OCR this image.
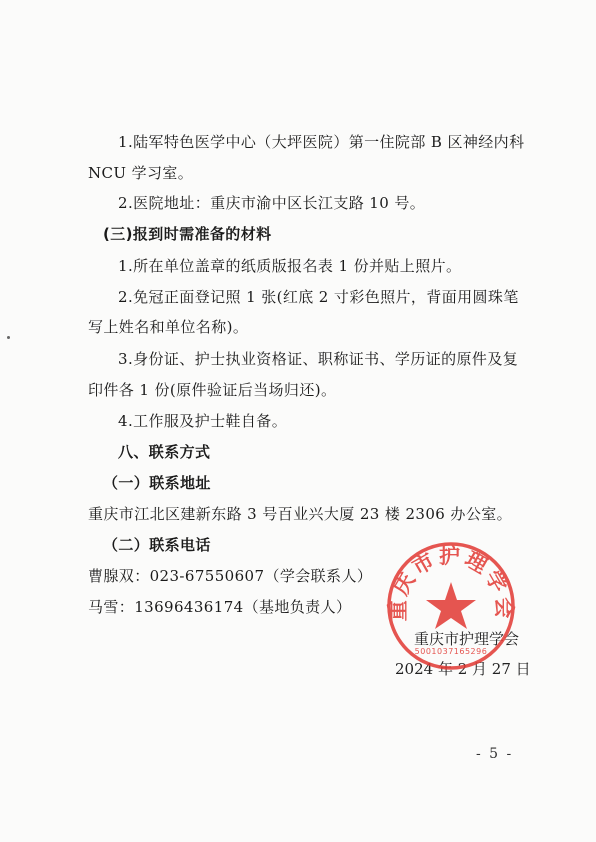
1.陆军特色医学中心（大坪医院）第一住院部 B 区神经内科
NCU 学习室。
2.医院地址：重庆市渝中区长江支路 10 号。
(三)报到时需准备的材料
1.所在单位盖章的纸质版报名表 1 份并贴上照片。
2.免冠正面登记照 1 张(红底 2 寸彩色照片，背面用圆珠笔
写上姓名和单位名称)。
3.身份证、护士执业资格证、职称证书、学历证的原件及复
印件各 1 份(原件验证后当场归还)。
4.工作服及护士鞋自备。
八、联系方式
（一）联系地址
重庆市江北区建新东路 3 号百业兴大厦 23 楼 2306 办公室。
（二）联系电话
曹腺双：023-67550607（学会联系人）
马雪：13696436174（基地负责人）
重庆市护理学会
2024 年 2 月 27 日
重庆市护理学会
5001037165296
- 5 -
